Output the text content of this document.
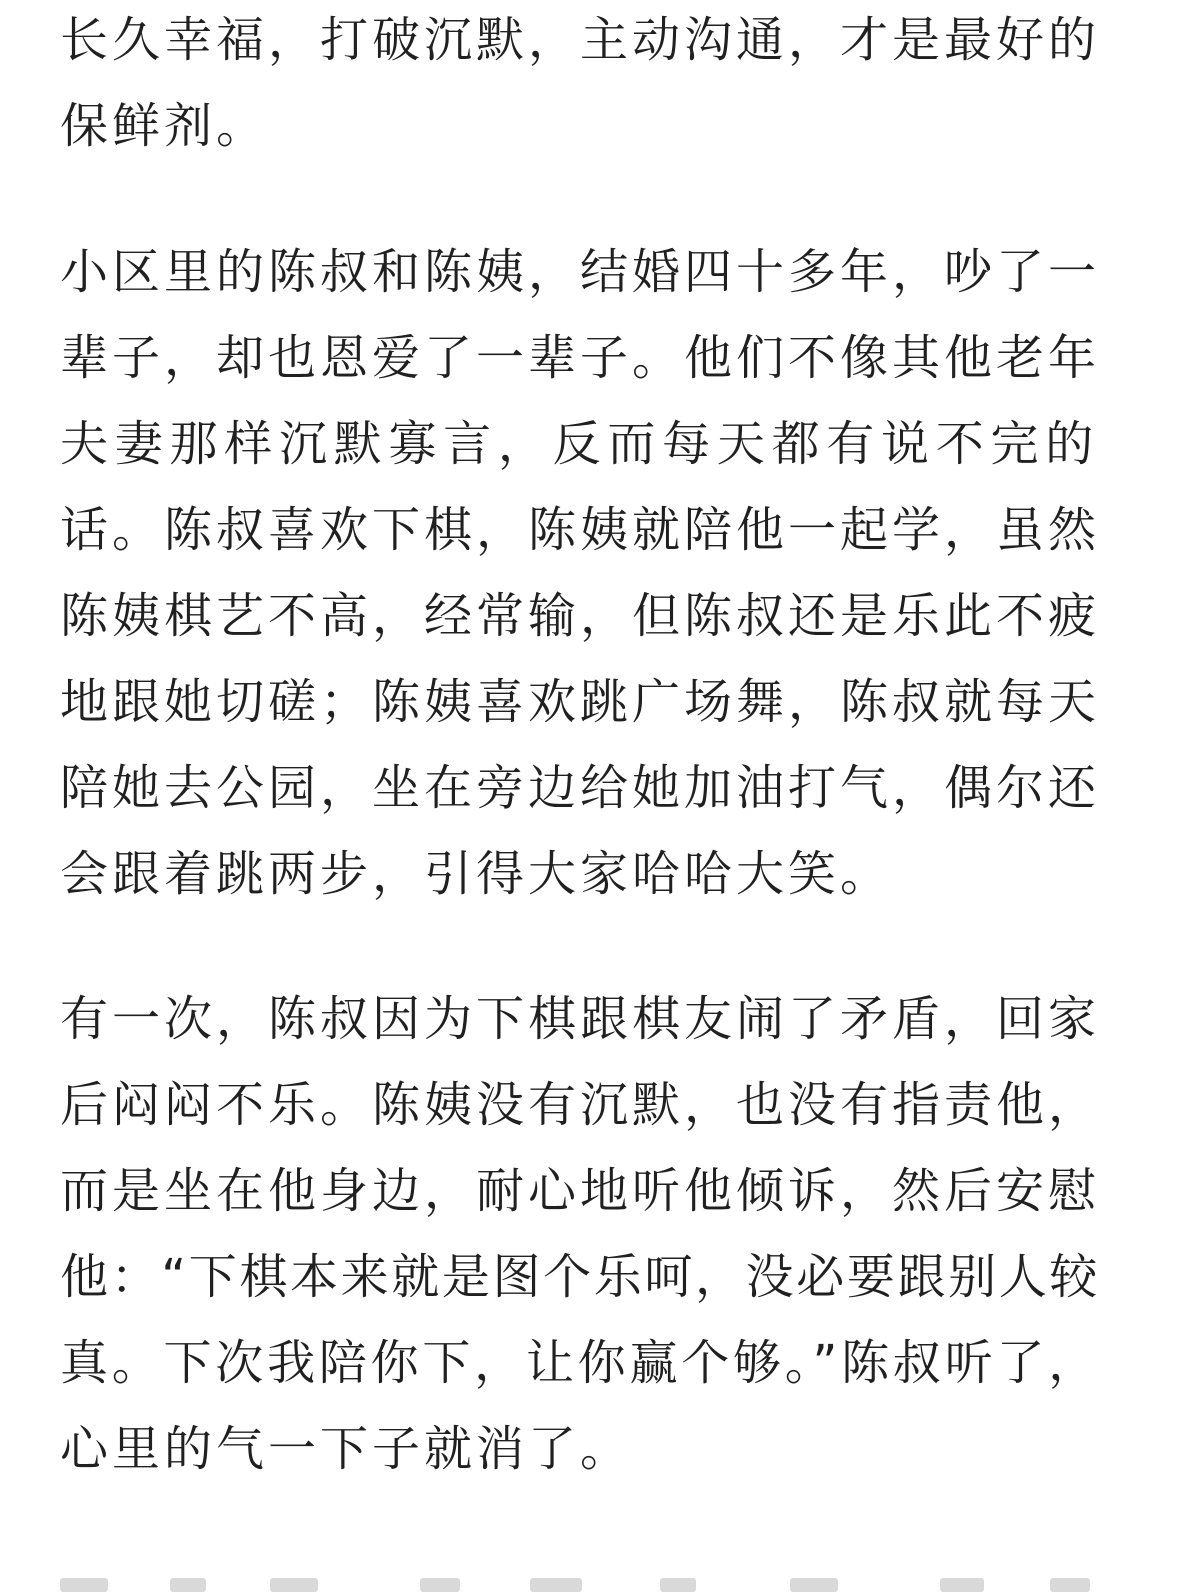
长久幸福，打破沉默，主动沟通，才是最好的
保鲜剂。
小区里的陈叔和陈姨，结婚四十多年，吵了一
辈子，却也恩爱了一辈子。他们不像其他老年
夫妻那样沉默寡言，反而每天都有说不完的
话。陈叔喜欢下棋，陈姨就陪他一起学，虽然
陈姨棋艺不高，经常输，但陈叔还是乐此不疲
地跟她切磋；陈姨喜欢跳广场舞，陈叔就每天
陪她去公园，坐在旁边给她加油打气，偶尔还
会跟着跳两步，引得大家哈哈大笑。
有一次，陈叔因为下棋跟棋友闹了矛盾，回家
后闷闷不乐。陈姨没有沉默，也没有指责他，
而是坐在他身边，耐心地听他倾诉，然后安慰
他：“下棋本来就是图个乐呵，没必要跟别人较
真。下次我陪你下，让你赢个够。”陈叔听了，
心里的气一下子就消了。
